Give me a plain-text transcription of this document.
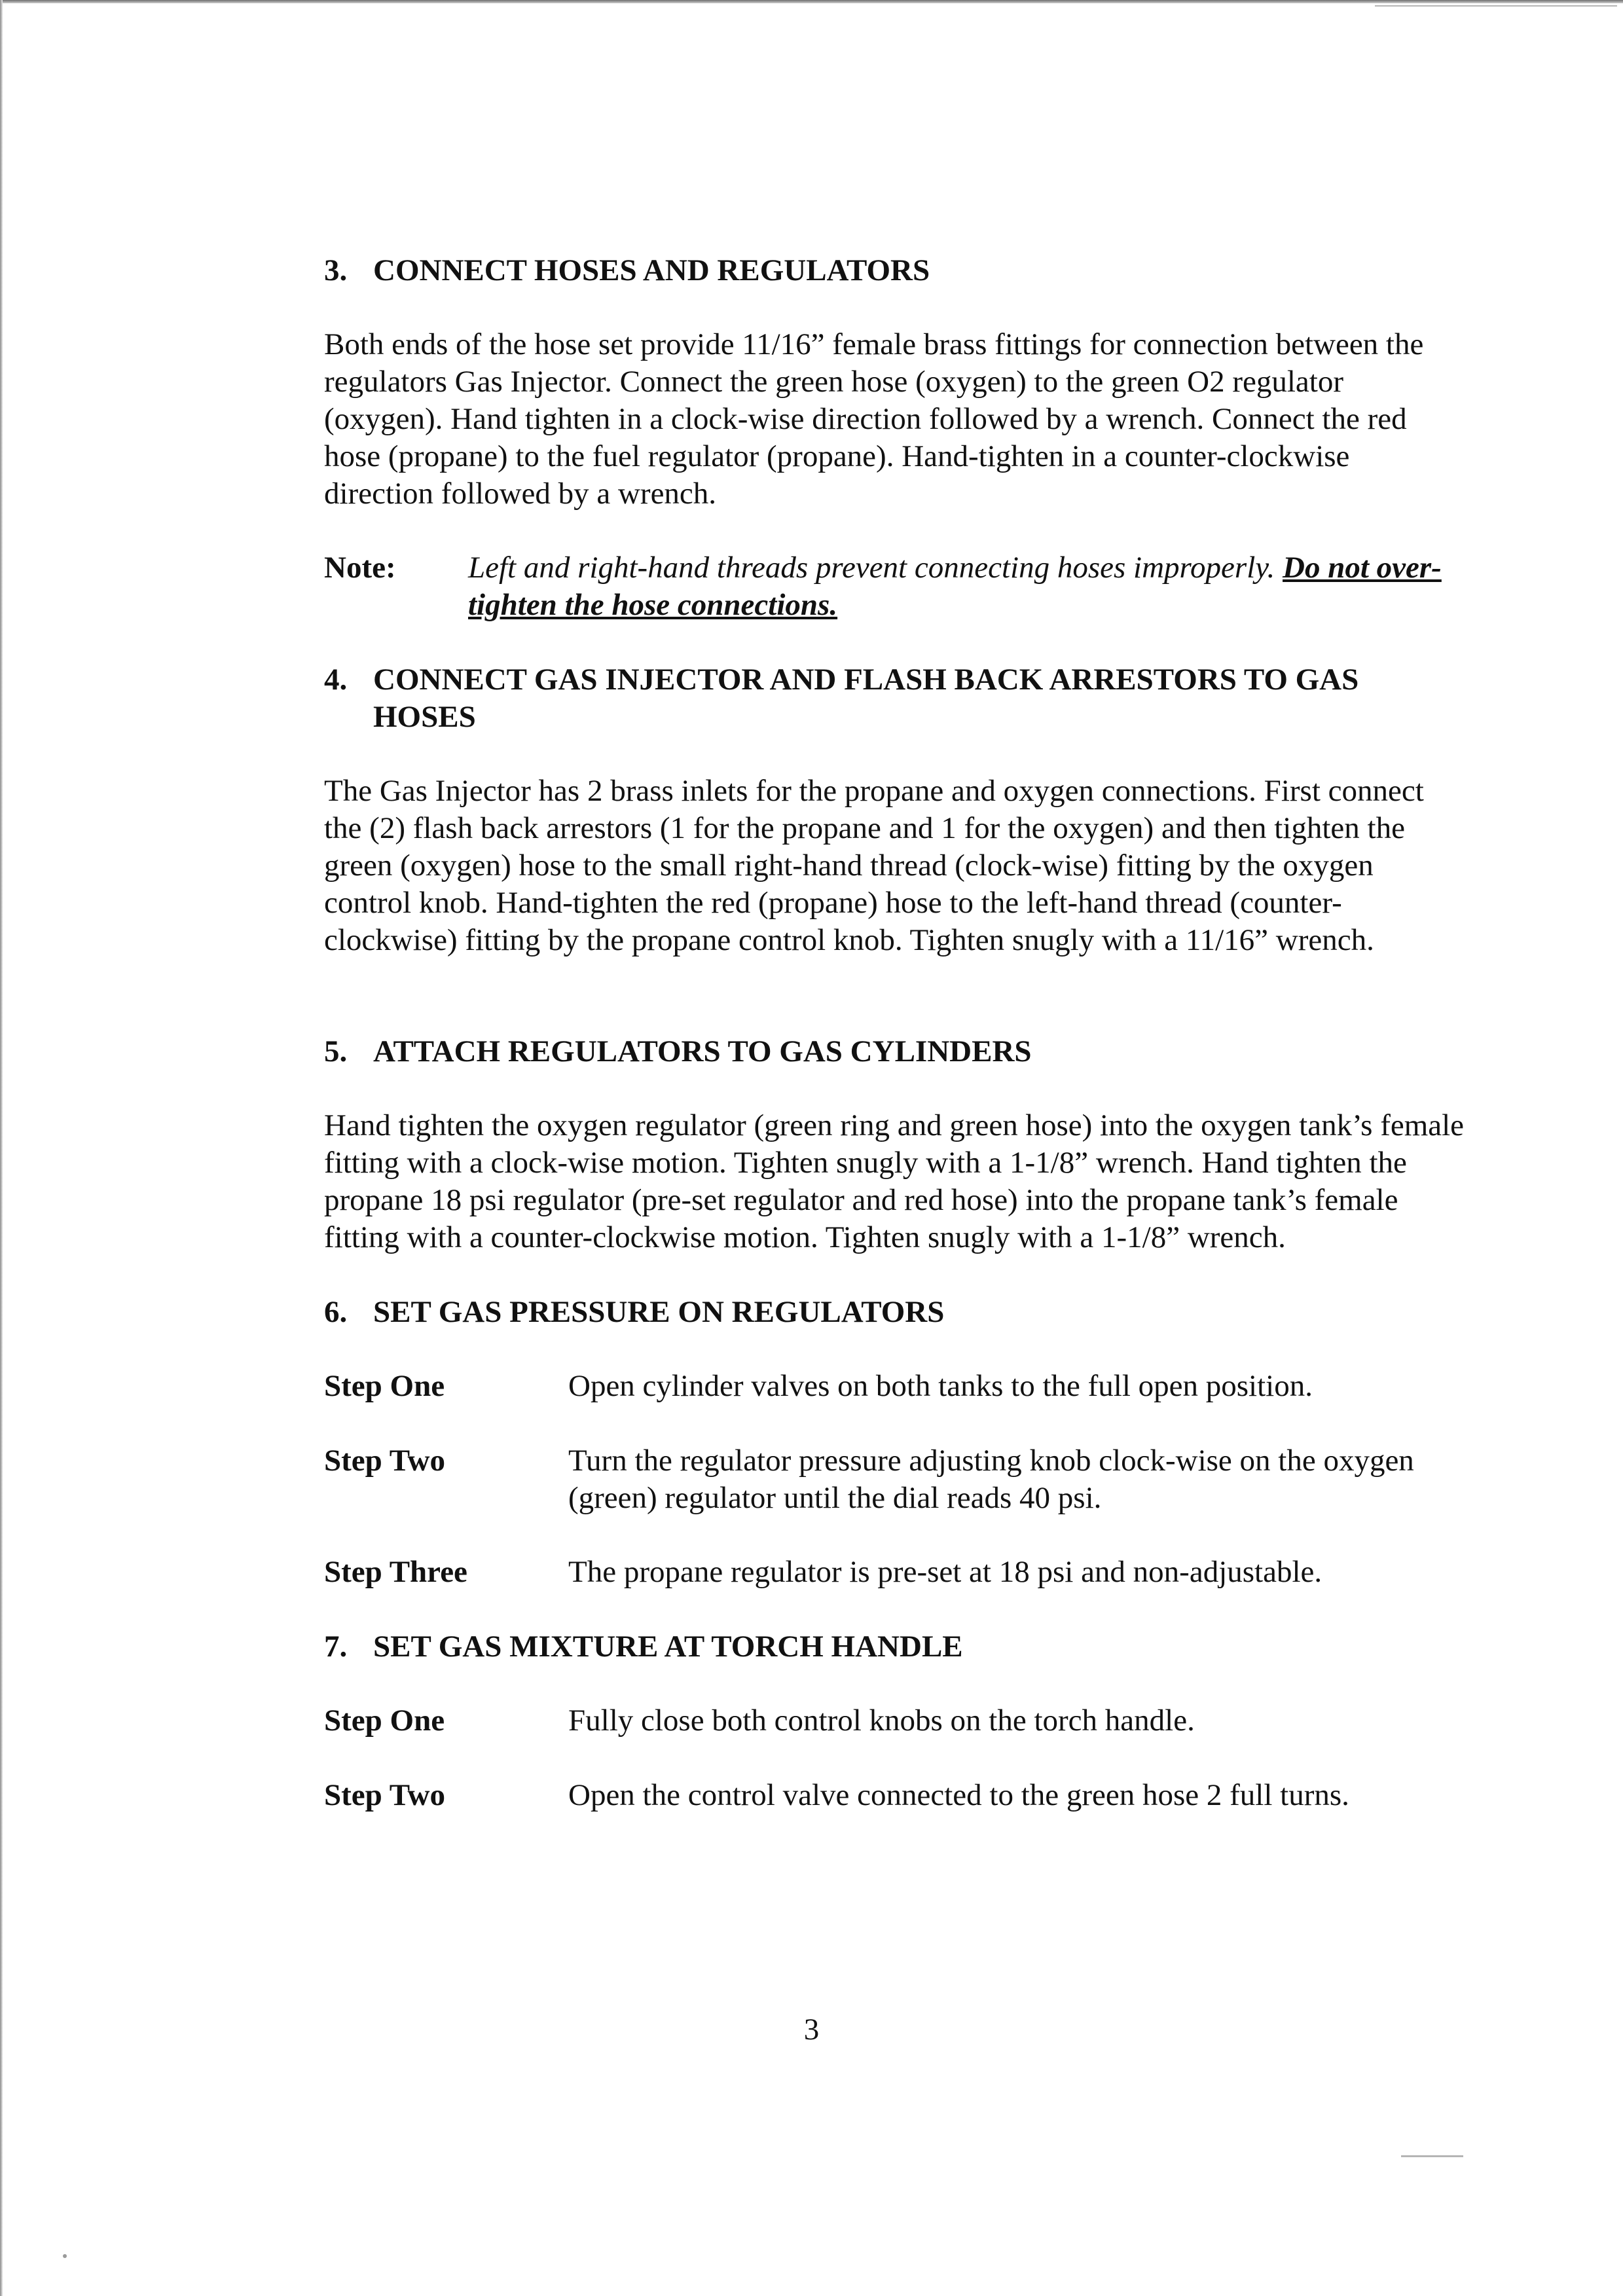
3. CONNECT HOSES AND REGULATORS

Both ends of the hose set provide 11/16” female brass fittings for connection between the regulators Gas Injector. Connect the green hose (oxygen) to the green O2 regulator (oxygen). Hand tighten in a clock-wise direction followed by a wrench. Connect the red hose (propane) to the fuel regulator (propane). Hand-tighten in a counter-clockwise direction followed by a wrench.

Note:	Left and right-hand threads prevent connecting hoses improperly. Do not over-tighten the hose connections.
4. CONNECT GAS INJECTOR AND FLASH BACK ARRESTORS TO GAS HOSES

The Gas Injector has 2 brass inlets for the propane and oxygen connections. First connect the (2) flash back arrestors (1 for the propane and 1 for the oxygen) and then tighten the green (oxygen) hose to the small right-hand thread (clock-wise) fitting by the oxygen control knob. Hand-tighten the red (propane) hose to the left-hand thread (counter-clockwise) fitting by the propane control knob. Tighten snugly with a 11/16” wrench.

5. ATTACH REGULATORS TO GAS CYLINDERS

Hand tighten the oxygen regulator (green ring and green hose) into the oxygen tank’s female fitting with a clock-wise motion. Tighten snugly with a 1-1/8” wrench. Hand tighten the propane 18 psi regulator (pre-set regulator and red hose) into the propane tank’s female fitting with a counter-clockwise motion. Tighten snugly with a 1-1/8” wrench.

6. SET GAS PRESSURE ON REGULATORS
Step One	Open cylinder valves on both tanks to the full open position.
Step Two	Turn the regulator pressure adjusting knob clock-wise on the oxygen (green) regulator until the dial reads 40 psi.
Step Three	The propane regulator is pre-set at 18 psi and non-adjustable.
7. SET GAS MIXTURE AT TORCH HANDLE
Step One	Fully close both control knobs on the torch handle.
Step Two	Open the control valve connected to the green hose 2 full turns.
3
